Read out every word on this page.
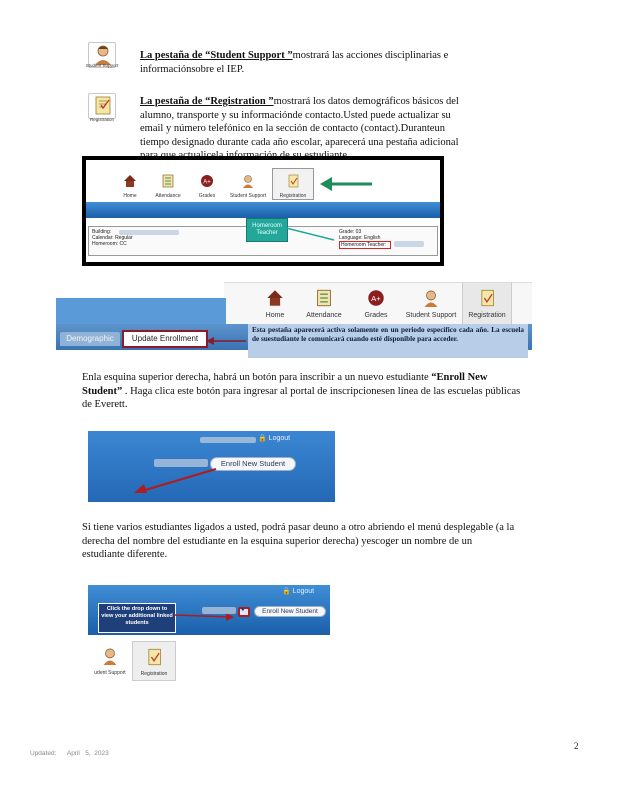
Student Support
La pestaña de “Student Support ”mostrará las acciones disciplinarias e
informaciónsobre el IEP.
Registration
La pestaña de “Registration ”mostrará los datos demográficos básicos del
alumno, transporte y su informaciónde contacto.Usted puede actualizar su
email y número telefónico en la sección de contacto (contact).Duranteun
tiempo designado durante cada año escolar, aparecerá una pestaña adicional
Home	Attendance
A+
Grades	Student Support	Registration
Building:
Calendar: Regular
Homeroom: CC
Grade: 03
Language: English
Homeroom Teacher:
Homeroom
Teacher
Home	Attendance
A+
Grades	Student Support	Registration
Demographic	Update Enrollment
Esta pestaña aparecerá activa solamente en un periodo específico cada año. La escuela de suestudiante le comunicará cuando esté disponible para acceder.
Enla esquina superior derecha, habrá un botón para inscribir a un nuevo estudiante “Enroll New
Student” . Haga clica este botón para ingresar al portal de inscripcionesen línea de las escuelas públicas
de Everett.
🔒 Logout
Enroll New Student
Si tiene varios estudiantes ligados a usted, podrá pasar deuno a otro abriendo el menú desplegable (a la
derecha del nombre del estudiante en la esquina superior derecha) yescoger un nombre de un
estudiante diferente.
🔒 Logout
Click the drop down to view your additional linked students
●	Enroll New Student
udent Support	Registration
Updated:      April   5,  2023
2
